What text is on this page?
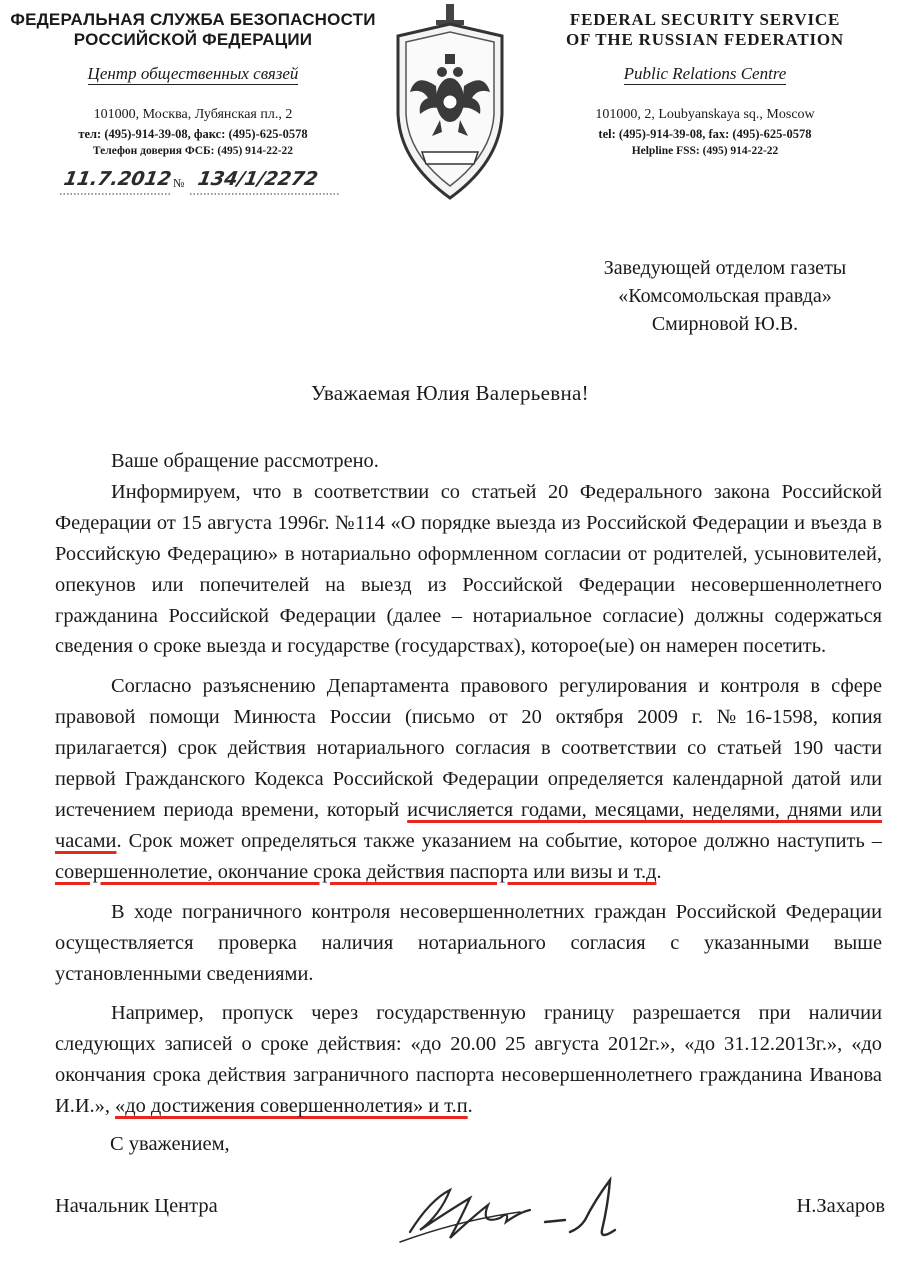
ФЕДЕРАЛЬНАЯ СЛУЖБА БЕЗОПАСНОСТИ
РОССИЙСКОЙ ФЕДЕРАЦИИ
Центр общественных связей
101000, Москва, Лубянская пл., 2
тел: (495)-914-39-08, факс: (495)-625-0578
Телефон доверия ФСБ: (495) 914-22-22
FEDERAL SECURITY SERVICE
OF THE RUSSIAN FEDERATION
Public Relations Centre
101000, 2, Loubyanskaya sq., Moscow
tel: (495)-914-39-08, fax: (495)-625-0578
Helpline FSS: (495) 914-22-22
11.7.2012 № 134/1/2272
Заведующей отделом газеты
«Комсомольская правда»
Смирновой Ю.В.
Уважаемая Юлия Валерьевна!

Ваше обращение рассмотрено.

Информируем, что в соответствии со статьей 20 Федерального закона Российской Федерации от 15 августа 1996г. №114 «О порядке выезда из Российской Федерации и въезда в Российскую Федерацию» в нотариально оформленном согласии от родителей, усыновителей, опекунов или попечителей на выезд из Российской Федерации несовершеннолетнего гражданина Российской Федерации (далее – нотариальное согласие) должны содержаться сведения о сроке выезда и государстве (государствах), которое(ые) он намерен посетить.

Согласно разъяснению Департамента правового регулирования и контроля в сфере правовой помощи Минюста России (письмо от 20 октября 2009 г. №16-1598, копия прилагается) срок действия нотариального согласия в соответствии со статьей 190 части первой Гражданского Кодекса Российской Федерации определяется календарной датой или истечением периода времени, который исчисляется годами, месяцами, неделями, днями или часами. Срок может определяться также указанием на событие, которое должно наступить – совершеннолетие, окончание срока действия паспорта или визы и т.д.

В ходе пограничного контроля несовершеннолетних граждан Российской Федерации осуществляется проверка наличия нотариального согласия с указанными выше установленными сведениями.

Например, пропуск через государственную границу разрешается при наличии следующих записей о сроке действия: «до 20.00 25 августа 2012г.», «до 31.12.2013г.», «до окончания срока действия заграничного паспорта несовершеннолетнего гражданина Иванова И.И.», «до достижения совершеннолетия» и т.п.

С уважением,
Начальник Центра	Н.Захаров
